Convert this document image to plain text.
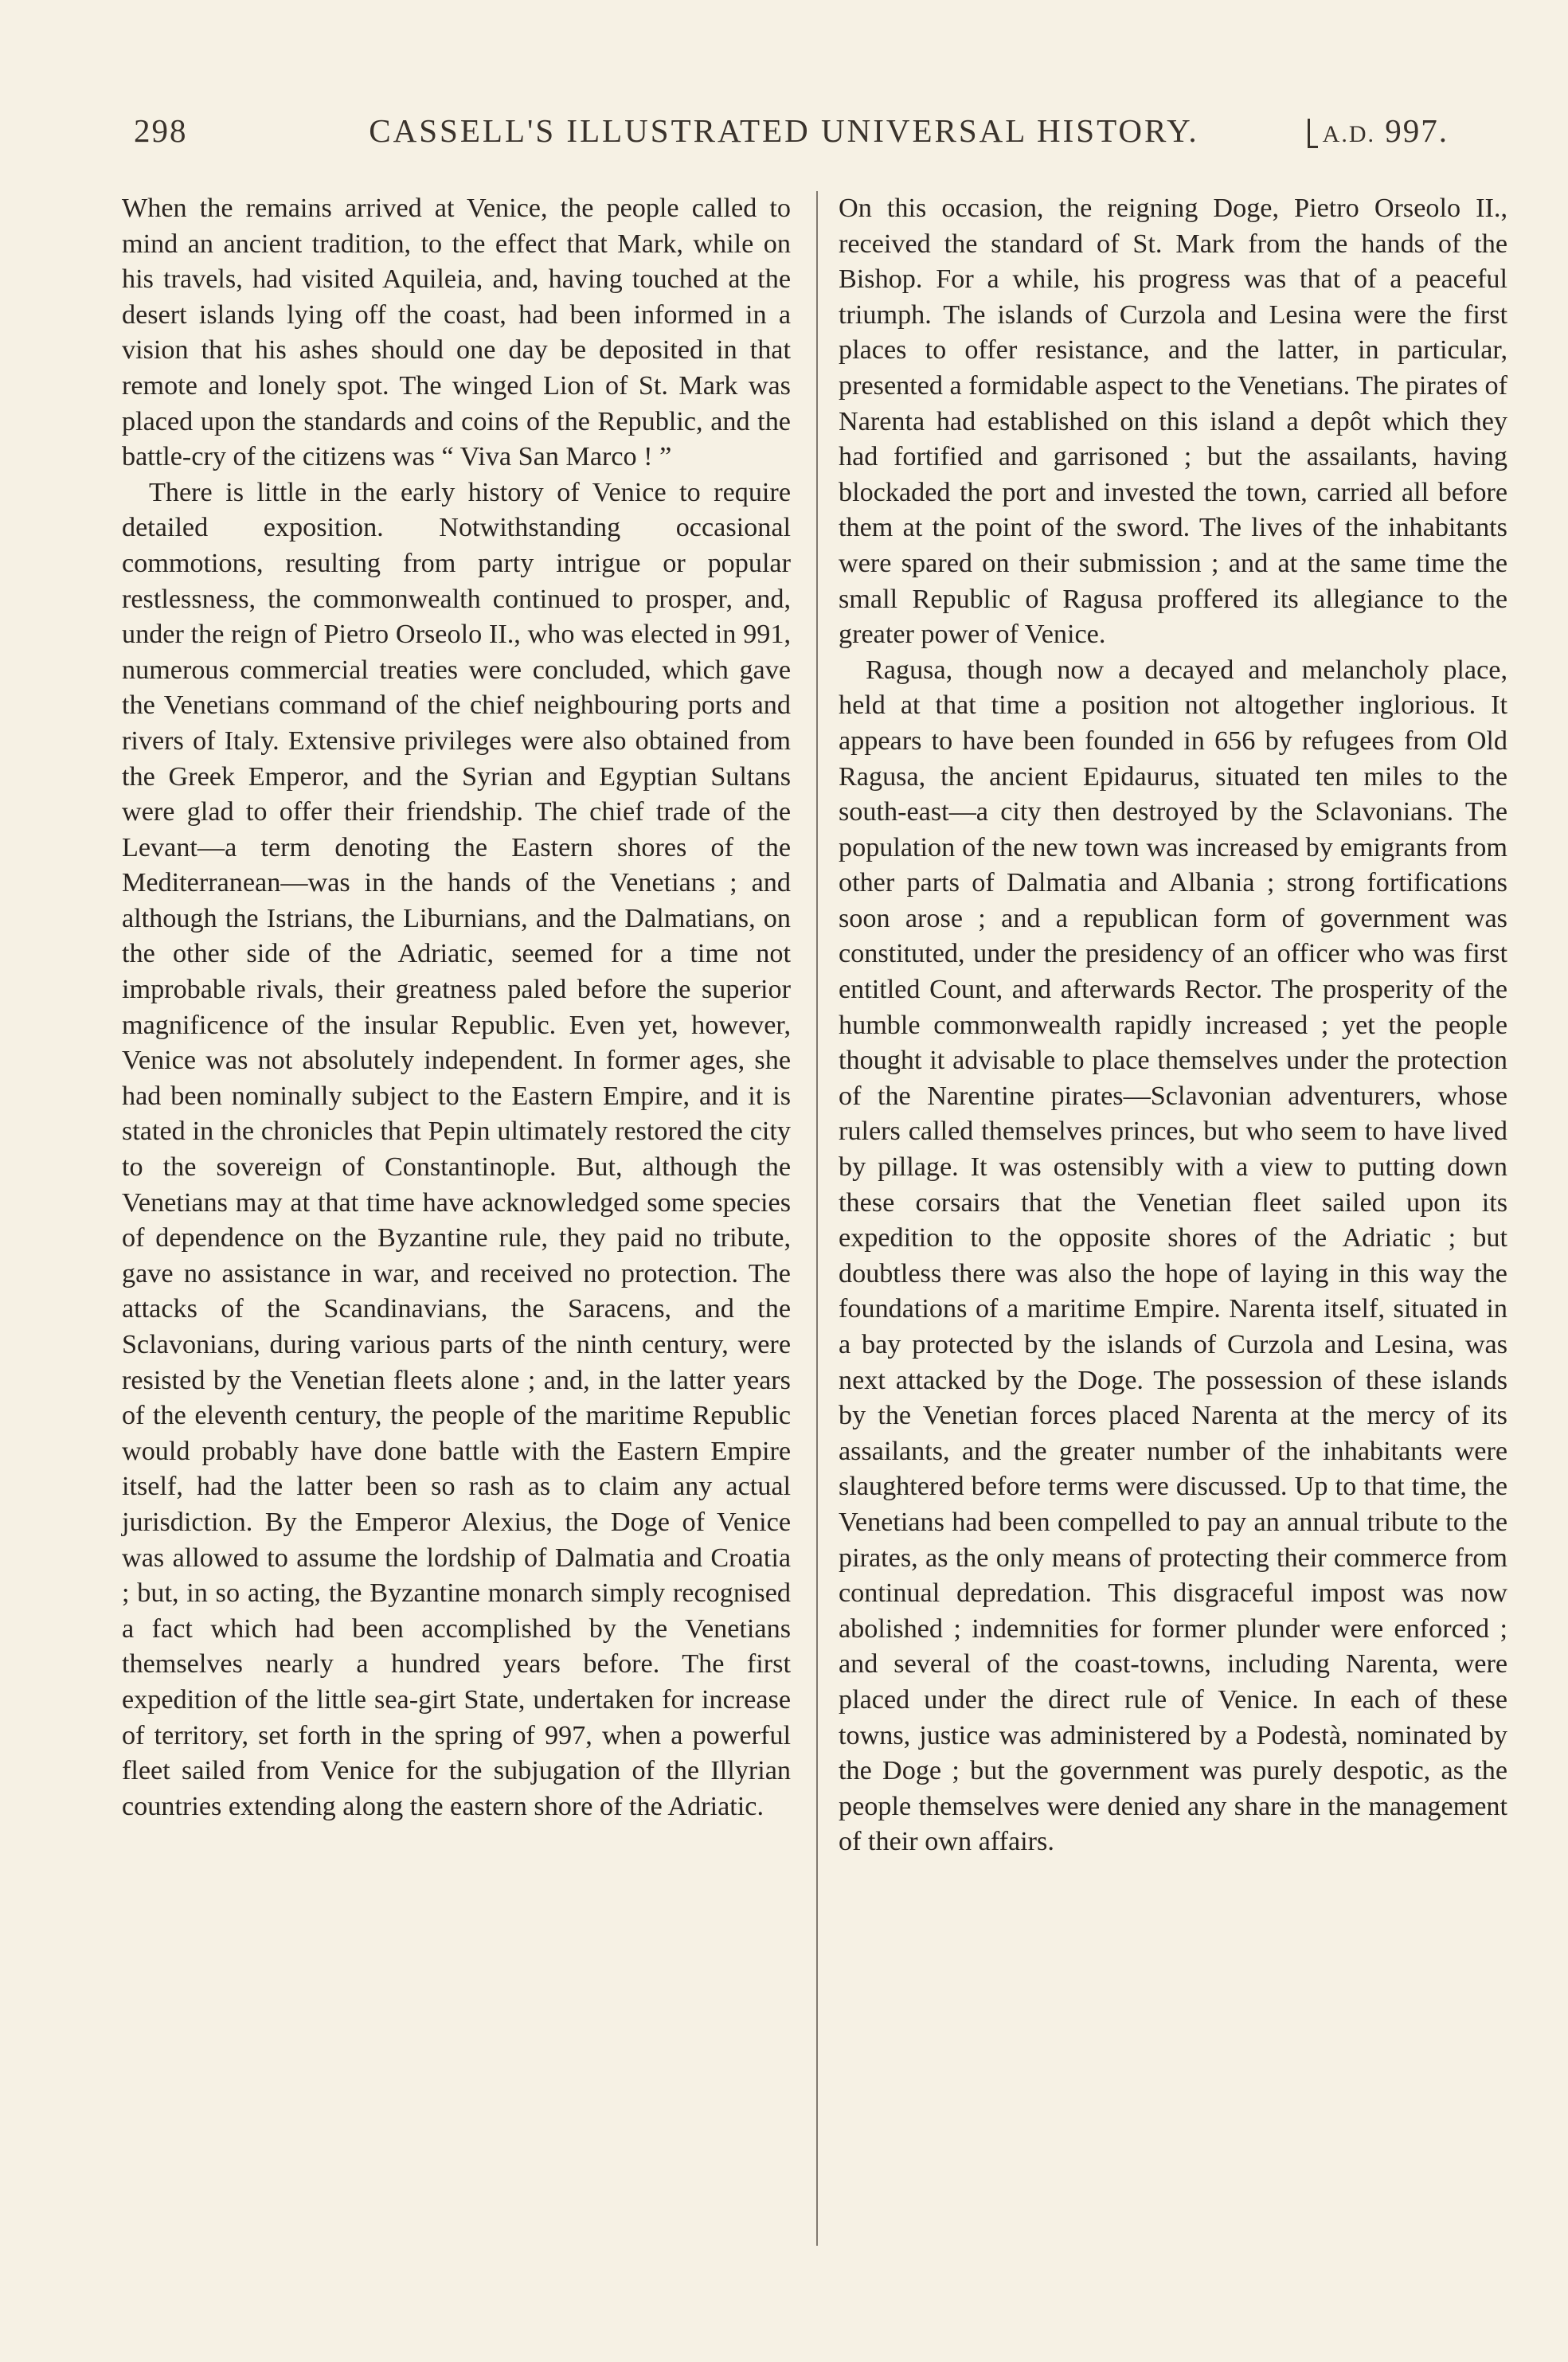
298	CASSELL'S ILLUSTRATED UNIVERSAL HISTORY.	A.D. 997.

When the remains arrived at Venice, the people called to mind an ancient tradition, to the effect that Mark, while on his travels, had visited Aquileia, and, having touched at the desert islands lying off the coast, had been informed in a vision that his ashes should one day be deposited in that remote and lonely spot. The winged Lion of St. Mark was placed upon the standards and coins of the Republic, and the battle-cry of the citizens was “ Viva San Marco ! ”

There is little in the early history of Venice to require detailed exposition. Notwithstanding occasional commotions, resulting from party intrigue or popular restlessness, the commonwealth continued to prosper, and, under the reign of Pietro Orseolo II., who was elected in 991, numerous commercial treaties were concluded, which gave the Venetians command of the chief neighbouring ports and rivers of Italy. Extensive privileges were also obtained from the Greek Emperor, and the Syrian and Egyptian Sultans were glad to offer their friendship. The chief trade of the Levant—a term denoting the Eastern shores of the Mediterranean—was in the hands of the Venetians ; and although the Istrians, the Liburnians, and the Dalmatians, on the other side of the Adriatic, seemed for a time not improbable rivals, their greatness paled before the superior magnificence of the insular Republic. Even yet, however, Venice was not absolutely independent. In former ages, she had been nominally subject to the Eastern Empire, and it is stated in the chronicles that Pepin ultimately restored the city to the sovereign of Constantinople. But, although the Venetians may at that time have acknowledged some species of dependence on the Byzantine rule, they paid no tribute, gave no assistance in war, and received no protection. The attacks of the Scandinavians, the Saracens, and the Sclavonians, during various parts of the ninth century, were resisted by the Venetian fleets alone ; and, in the latter years of the eleventh century, the people of the maritime Republic would probably have done battle with the Eastern Empire itself, had the latter been so rash as to claim any actual jurisdiction. By the Emperor Alexius, the Doge of Venice was allowed to assume the lordship of Dalmatia and Croatia ; but, in so acting, the Byzantine monarch simply recognised a fact which had been accomplished by the Venetians themselves nearly a hundred years before. The first expedition of the little sea-girt State, undertaken for increase of territory, set forth in the spring of 997, when a powerful fleet sailed from Venice for the subjugation of the Illyrian countries extending along the eastern shore of the Adriatic.

On this occasion, the reigning Doge, Pietro Orseolo II., received the standard of St. Mark from the hands of the Bishop. For a while, his progress was that of a peaceful triumph. The islands of Curzola and Lesina were the first places to offer resistance, and the latter, in particular, presented a formidable aspect to the Venetians. The pirates of Narenta had established on this island a depôt which they had fortified and garrisoned ; but the assailants, having blockaded the port and invested the town, carried all before them at the point of the sword. The lives of the inhabitants were spared on their submission ; and at the same time the small Republic of Ragusa proffered its allegiance to the greater power of Venice.

Ragusa, though now a decayed and melancholy place, held at that time a position not altogether inglorious. It appears to have been founded in 656 by refugees from Old Ragusa, the ancient Epidaurus, situated ten miles to the south-east—a city then destroyed by the Sclavonians. The population of the new town was increased by emigrants from other parts of Dalmatia and Albania ; strong fortifications soon arose ; and a republican form of government was constituted, under the presidency of an officer who was first entitled Count, and afterwards Rector. The prosperity of the humble commonwealth rapidly increased ; yet the people thought it advisable to place themselves under the protection of the Narentine pirates—Sclavonian adventurers, whose rulers called themselves princes, but who seem to have lived by pillage. It was ostensibly with a view to putting down these corsairs that the Venetian fleet sailed upon its expedition to the opposite shores of the Adriatic ; but doubtless there was also the hope of laying in this way the foundations of a maritime Empire. Narenta itself, situated in a bay protected by the islands of Curzola and Lesina, was next attacked by the Doge. The possession of these islands by the Venetian forces placed Narenta at the mercy of its assailants, and the greater number of the inhabitants were slaughtered before terms were discussed. Up to that time, the Venetians had been compelled to pay an annual tribute to the pirates, as the only means of protecting their commerce from continual depredation. This disgraceful impost was now abolished ; indemnities for former plunder were enforced ; and several of the coast-towns, including Narenta, were placed under the direct rule of Venice. In each of these towns, justice was administered by a Podestà, nominated by the Doge ; but the government was purely despotic, as the people themselves were denied any share in the management of their own affairs.
